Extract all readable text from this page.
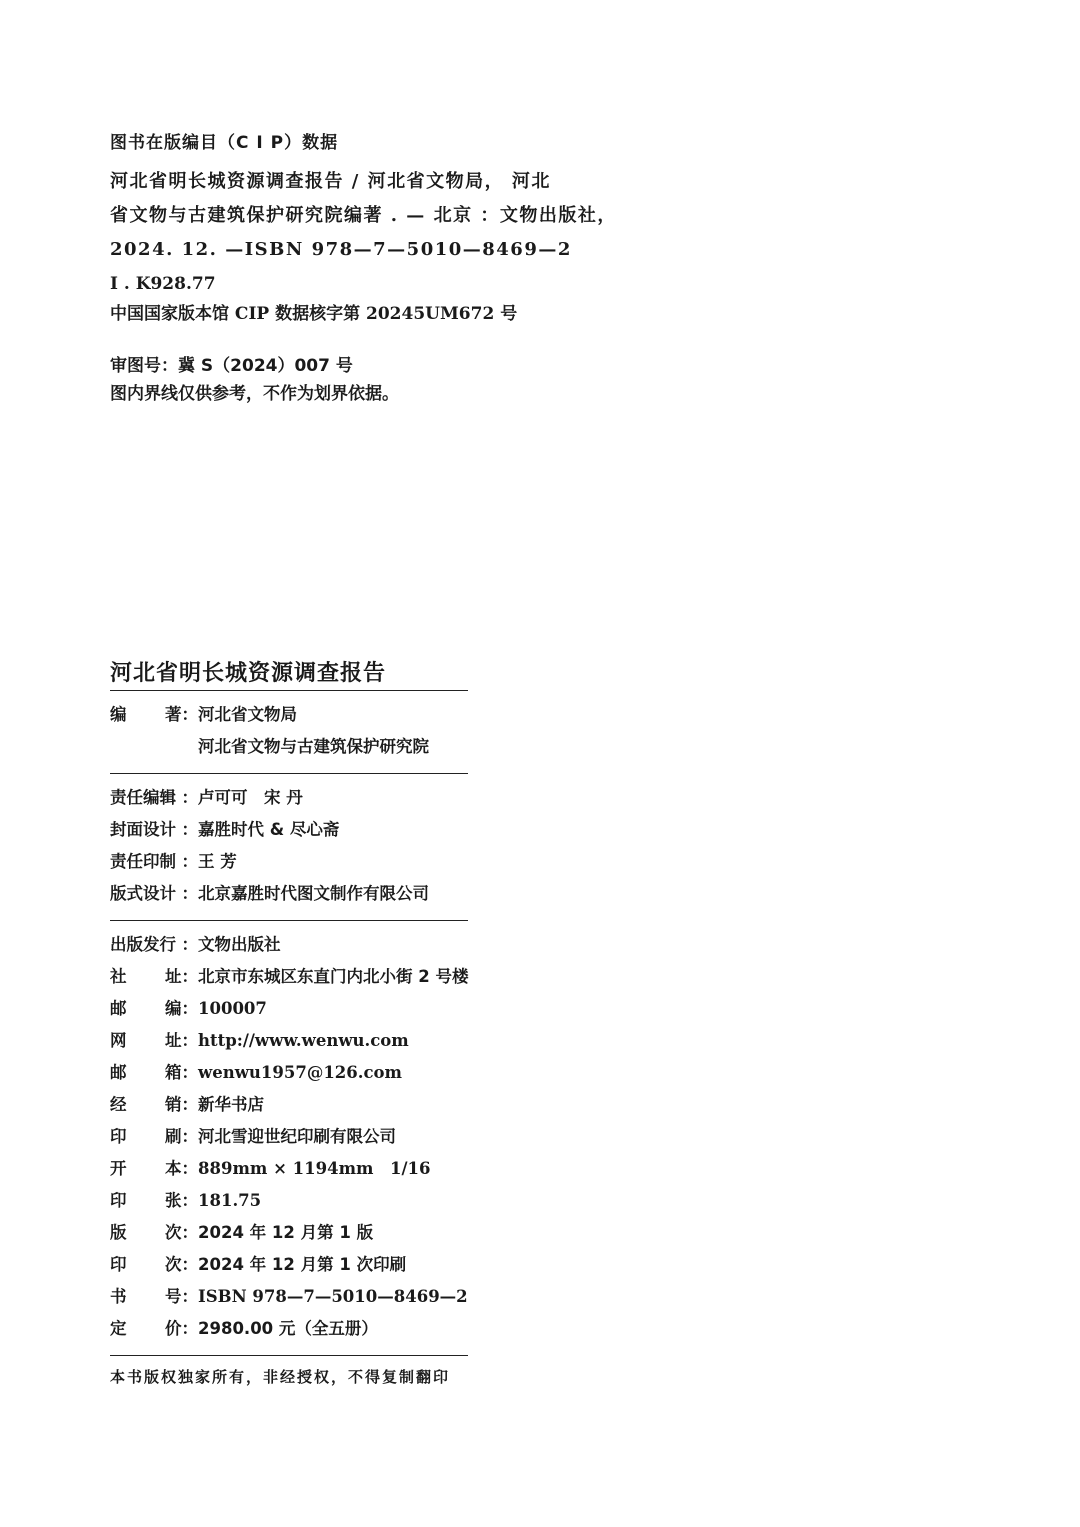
图书在版编目（C I P）数据
河北省明长城资源调查报告 / 河北省文物局， 河北
省文物与古建筑保护研究院编著 . — 北京 ：文物出版社，
2024. 12. —ISBN 978—7—5010—8469—2
Ⅰ . K928.77
中国国家版本馆 CIP 数据核字第 20245UM672 号
审图号：冀 S（2024）007 号
图内界线仅供参考，不作为划界依据。
河北省明长城资源调查报告
编 著 ： 河北省文物局
河北省文物与古建筑保护研究院
责任编辑 ： 卢可可　宋 丹
封面设计 ： 嘉胜时代 & 尽心斋
责任印制 ： 王 芳
版式设计 ： 北京嘉胜时代图文制作有限公司
出版发行 ： 文物出版社
社 址： 北京市东城区东直门内北小街 2 号楼
邮 编： 100007
网 址： http://www.wenwu.com
邮 箱： wenwu1957@126.com
经 销： 新华书店
印 刷： 河北雪迎世纪印刷有限公司
开 本： 889mm × 1194mm　1/16
印 张： 181.75
版 次： 2024 年 12 月第 1 版
印 次： 2024 年 12 月第 1 次印刷
书 号： ISBN 978—7—5010—8469—2
定 价： 2980.00 元（全五册）
本书版权独家所有，非经授权，不得复制翻印
